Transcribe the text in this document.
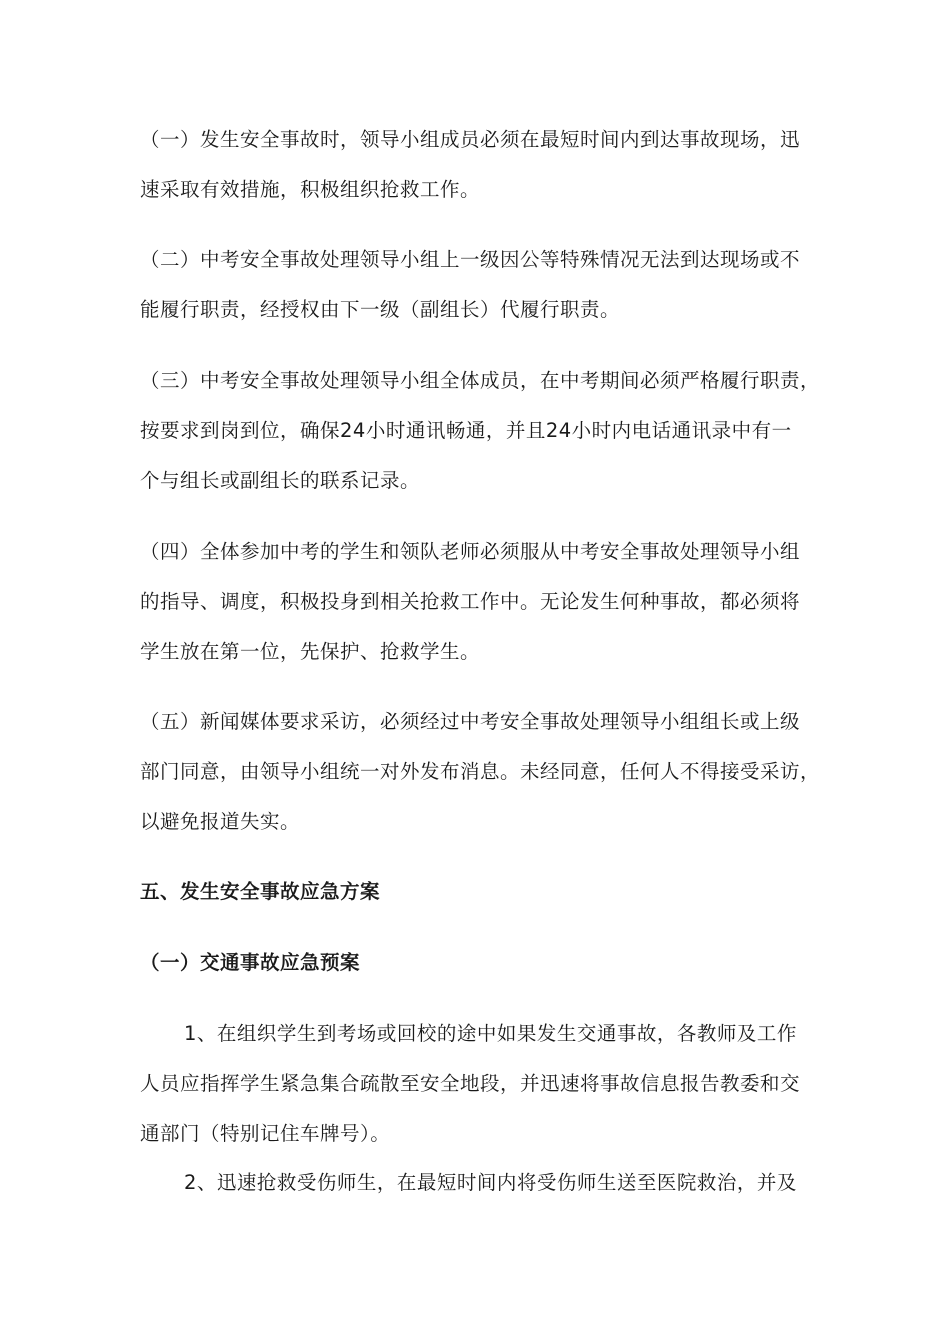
（一）发生安全事故时，领导小组成员必须在最短时间内到达事故现场，迅
速采取有效措施，积极组织抢救工作。
（二）中考安全事故处理领导小组上一级因公等特殊情况无法到达现场或不
能履行职责，经授权由下一级（副组长）代履行职责。
（三）中考安全事故处理领导小组全体成员，在中考期间必须严格履行职责，
按要求到岗到位，确保24小时通讯畅通，并且24小时内电话通讯录中有一
个与组长或副组长的联系记录。
（四）全体参加中考的学生和领队老师必须服从中考安全事故处理领导小组
的指导、调度，积极投身到相关抢救工作中。无论发生何种事故，都必须将
学生放在第一位，先保护、抢救学生。
（五）新闻媒体要求采访，必须经过中考安全事故处理领导小组组长或上级
部门同意，由领导小组统一对外发布消息。未经同意，任何人不得接受采访，
以避免报道失实。
五、发生安全事故应急方案
（一）交通事故应急预案
1、在组织学生到考场或回校的途中如果发生交通事故，各教师及工作
人员应指挥学生紧急集合疏散至安全地段，并迅速将事故信息报告教委和交
通部门（特别记住车牌号）。
2、迅速抢救受伤师生，在最短时间内将受伤师生送至医院救治，并及
